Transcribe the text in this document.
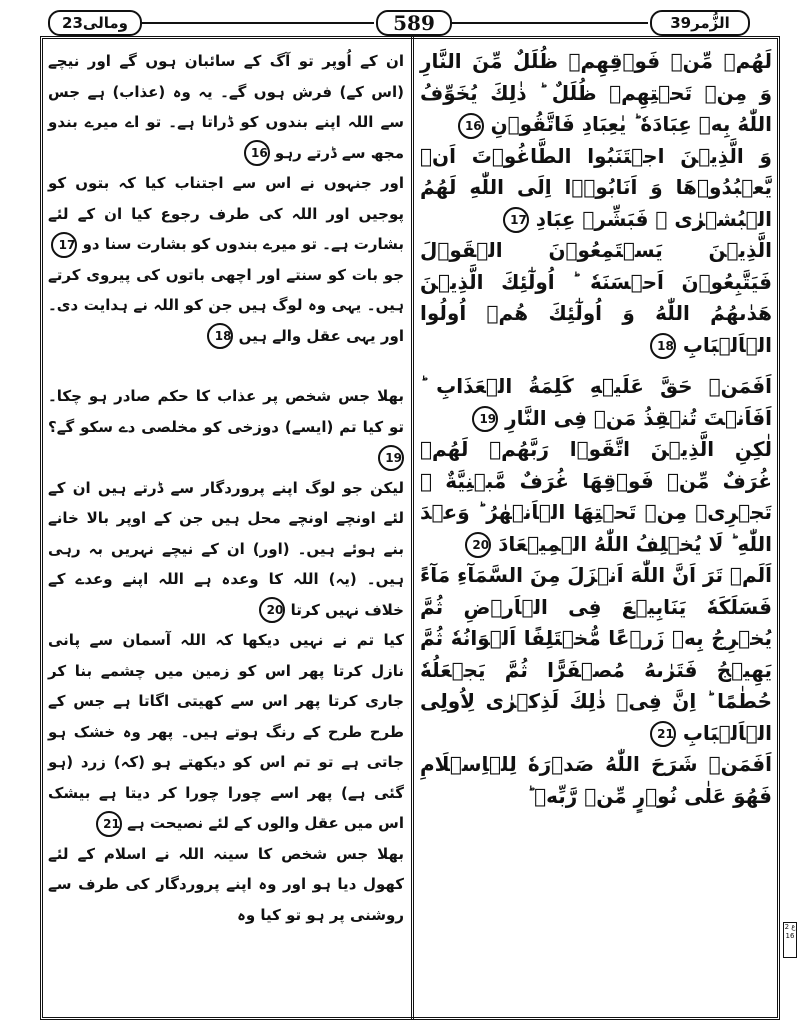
ومالی23	589	الزُّمر39

لَهُمۡ مِّنۡ فَوۡقِهِمۡ ظُلَلٌ مِّنَ النَّارِ وَ مِنۡ تَحۡتِهِمۡ ظُلَلٌ ؕ ذٰلِكَ يُخَوِّفُ اللّٰهُ بِهٖ عِبَادَهٗ ؕ يٰعِبَادِ فَاتَّقُوۡنِ 16

وَ الَّذِيۡنَ اجۡتَنَبُوا الطَّاغُوۡتَ اَنۡ يَّعۡبُدُوۡهَا وَ اَنَابُوۡۤا اِلَى اللّٰهِ لَهُمُ الۡبُشۡرٰى ۚ فَبَشِّرۡ عِبَادِ 17

الَّذِيۡنَ يَسۡتَمِعُوۡنَ الۡقَوۡلَ فَيَتَّبِعُوۡنَ اَحۡسَنَهٗ ؕ اُولٰٓئِكَ الَّذِيۡنَ هَدٰىهُمُ اللّٰهُ وَ اُولٰٓئِكَ هُمۡ اُولُوا الۡاَلۡبَابِ 18

اَفَمَنۡ حَقَّ عَلَيۡهِ كَلِمَةُ الۡعَذَابِ ؕ اَفَاَنۡتَ تُنۡقِذُ مَنۡ فِى النَّارِ 19

لٰكِنِ الَّذِيۡنَ اتَّقَوۡا رَبَّهُمۡ لَهُمۡ غُرَفٌ مِّنۡ فَوۡقِهَا غُرَفٌ مَّبۡنِيَّةٌ ۙ تَجۡرِىۡ مِنۡ تَحۡتِهَا الۡاَنۡهٰرُ ؕ وَعۡدَ اللّٰهِ ؕ لَا يُخۡلِفُ اللّٰهُ الۡمِيۡعَادَ 20

اَلَمۡ تَرَ اَنَّ اللّٰهَ اَنۡزَلَ مِنَ السَّمَآءِ مَآءً فَسَلَكَهٗ يَنَابِيۡعَ فِى الۡاَرۡضِ ثُمَّ يُخۡرِجُ بِهٖ زَرۡعًا مُّخۡتَلِفًا اَلۡوَانُهٗ ثُمَّ يَهِيۡجُ فَتَرٰىهُ مُصۡفَرًّا ثُمَّ يَجۡعَلُهٗ حُطٰمًا ؕ اِنَّ فِىۡ ذٰلِكَ لَذِكۡرٰى لِاُولِى الۡاَلۡبَابِ 21

اَفَمَنۡ شَرَحَ اللّٰهُ صَدۡرَهٗ لِلۡاِسۡلَامِ فَهُوَ عَلٰى نُوۡرٍ مِّنۡ رَّبِّهٖ ؕ

ان کے اُوپر تو آگ کے سائبان ہوں گے اور نیچے (اس کے) فرش ہوں گے۔ یہ وہ (عذاب) ہے جس سے اللہ اپنے بندوں کو ڈراتا ہے۔ تو اے میرے بندو مجھ سے ڈرتے رہو 16

اور جنہوں نے اس سے اجتناب کیا کہ بتوں کو پوجیں اور اللہ کی طرف رجوع کیا ان کے لئے بشارت ہے۔ تو میرے بندوں کو بشارت سنا دو 17

جو بات کو سنتے اور اچھی باتوں کی پیروی کرتے ہیں۔ یہی وہ لوگ ہیں جن کو اللہ نے ہدایت دی۔ اور یہی عقل والے ہیں 18

بھلا جس شخص پر عذاب کا حکم صادر ہو چکا۔ تو کیا تم (ایسے) دوزخی کو مخلصی دے سکو گے؟ 19

لیکن جو لوگ اپنے پروردگار سے ڈرتے ہیں ان کے لئے اونچے اونچے محل ہیں جن کے اوپر بالا خانے بنے ہوئے ہیں۔ (اور) ان کے نیچے نہریں بہ رہی ہیں۔ (یہ) اللہ کا وعدہ ہے اللہ اپنے وعدے کے خلاف نہیں کرتا 20

کیا تم نے نہیں دیکھا کہ اللہ آسمان سے پانی نازل کرتا پھر اس کو زمین میں چشمے بنا کر جاری کرتا پھر اس سے کھیتی اگاتا ہے جس کے طرح طرح کے رنگ ہوتے ہیں۔ پھر وہ خشک ہو جاتی ہے تو تم اس کو دیکھتے ہو (کہ) زرد (ہو گئی ہے) پھر اسے چورا چورا کر دیتا ہے بیشک اس میں عقل والوں کے لئے نصیحت ہے 21

بھلا جس شخص کا سینہ اللہ نے اسلام کے لئے کھول دیا ہو اور وہ اپنے پروردگار کی طرف سے روشنی پر ہو تو کیا وہ

2 ع 16
